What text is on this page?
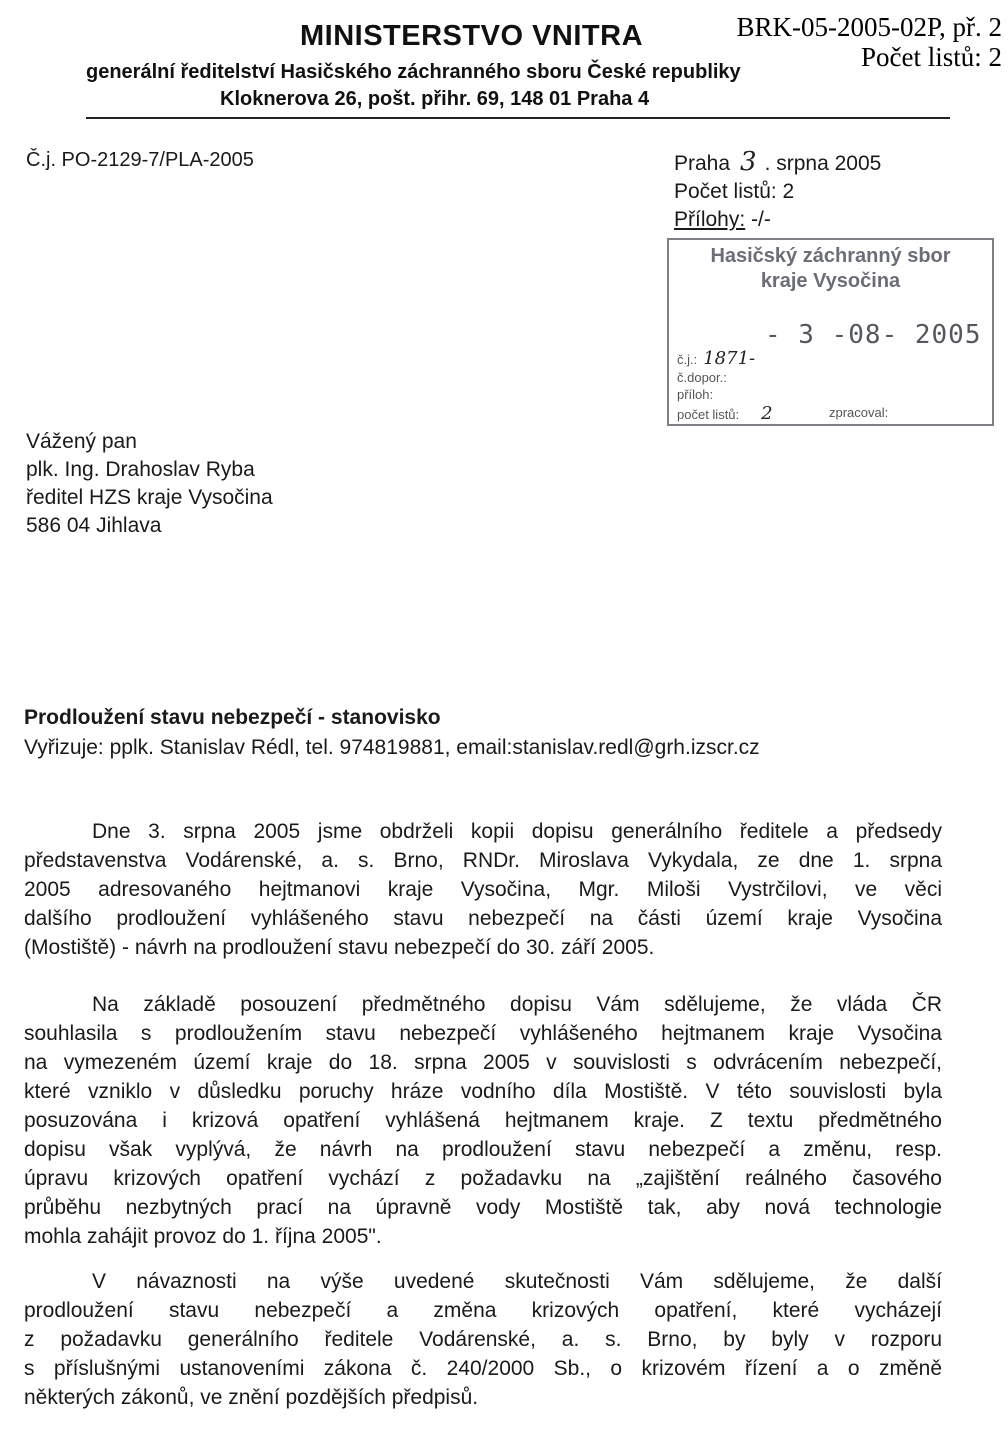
BRK-05-2005-02P, př. 2
Počet listů: 2
MINISTERSTVO VNITRA
generální ředitelství Hasičského záchranného sboru České republiky
Kloknerova 26, pošt. přihr. 69, 148 01 Praha 4
Č.j. PO-2129-7/PLA-2005	Praha 3 . srpna 2005
Počet listů: 2
Přílohy: -/-
Hasičský záchranný sbor
kraje Vysočina
- 3 -08- 2005
č.j.: 1871-
č.dopor.:
příloh:
počet listů: 2	zpracoval:
Vážený pan
plk. Ing. Drahoslav Ryba
ředitel HZS kraje Vysočina
586 04 Jihlava
Prodloužení stavu nebezpečí - stanovisko
Vyřizuje: pplk. Stanislav Rédl, tel. 974819881, email:stanislav.redl@grh.izscr.cz
Dne 3. srpna 2005 jsme obdrželi kopii dopisu generálního ředitele a předsedy
představenstva Vodárenské, a. s. Brno, RNDr. Miroslava Vykydala, ze dne 1. srpna
2005 adresovaného hejtmanovi kraje Vysočina, Mgr. Miloši Vystrčilovi, ve věci
dalšího prodloužení vyhlášeného stavu nebezpečí na části území kraje Vysočina
(Mostiště) - návrh na prodloužení stavu nebezpečí do 30. září 2005.
Na základě posouzení předmětného dopisu Vám sdělujeme, že vláda ČR
souhlasila s prodloužením stavu nebezpečí vyhlášeného hejtmanem kraje Vysočina
na vymezeném území kraje do 18. srpna 2005 v souvislosti s odvrácením nebezpečí,
které vzniklo v důsledku poruchy hráze vodního díla Mostiště. V této souvislosti byla
posuzována i krizová opatření vyhlášená hejtmanem kraje. Z textu předmětného
dopisu však vyplývá, že návrh na prodloužení stavu nebezpečí a změnu, resp.
úpravu krizových opatření vychází z požadavku na „zajištění reálného časového
průběhu nezbytných prací na úpravně vody Mostiště tak, aby nová technologie
mohla zahájit provoz do 1. října 2005".
V návaznosti na výše uvedené skutečnosti Vám sdělujeme, že další
prodloužení stavu nebezpečí a změna krizových opatření, které vycházejí
z požadavku generálního ředitele Vodárenské, a. s. Brno, by byly v rozporu
s příslušnými ustanoveními zákona č. 240/2000 Sb., o krizovém řízení a o změně
některých zákonů, ve znění pozdějších předpisů.
